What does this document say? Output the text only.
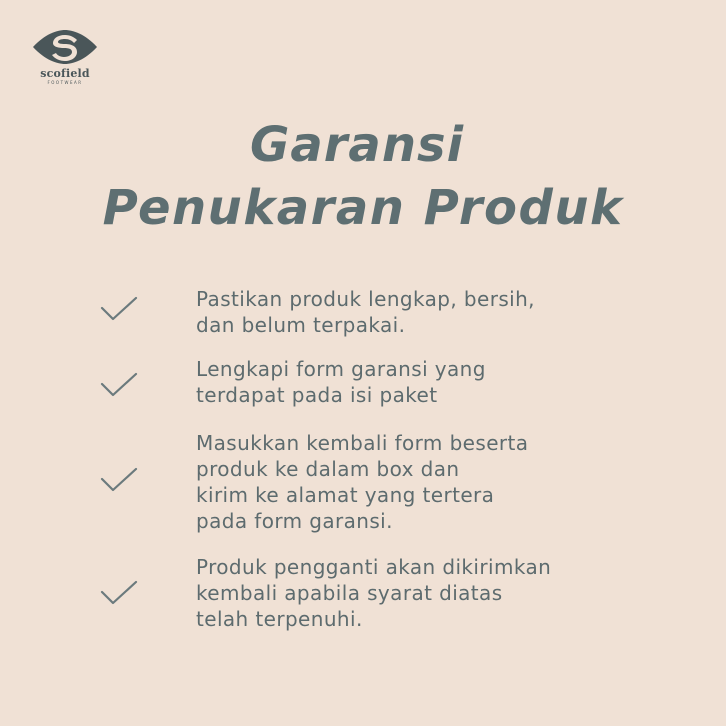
scofield
FOOTWEAR
Garansi
Penukaran Produk
Pastikan produk lengkap, bersih,
dan belum terpakai.
Lengkapi form garansi yang
terdapat pada isi paket
Masukkan kembali form beserta
produk ke dalam box dan
kirim ke alamat yang tertera
pada form garansi.
Produk pengganti akan dikirimkan
kembali apabila syarat diatas
telah terpenuhi.
